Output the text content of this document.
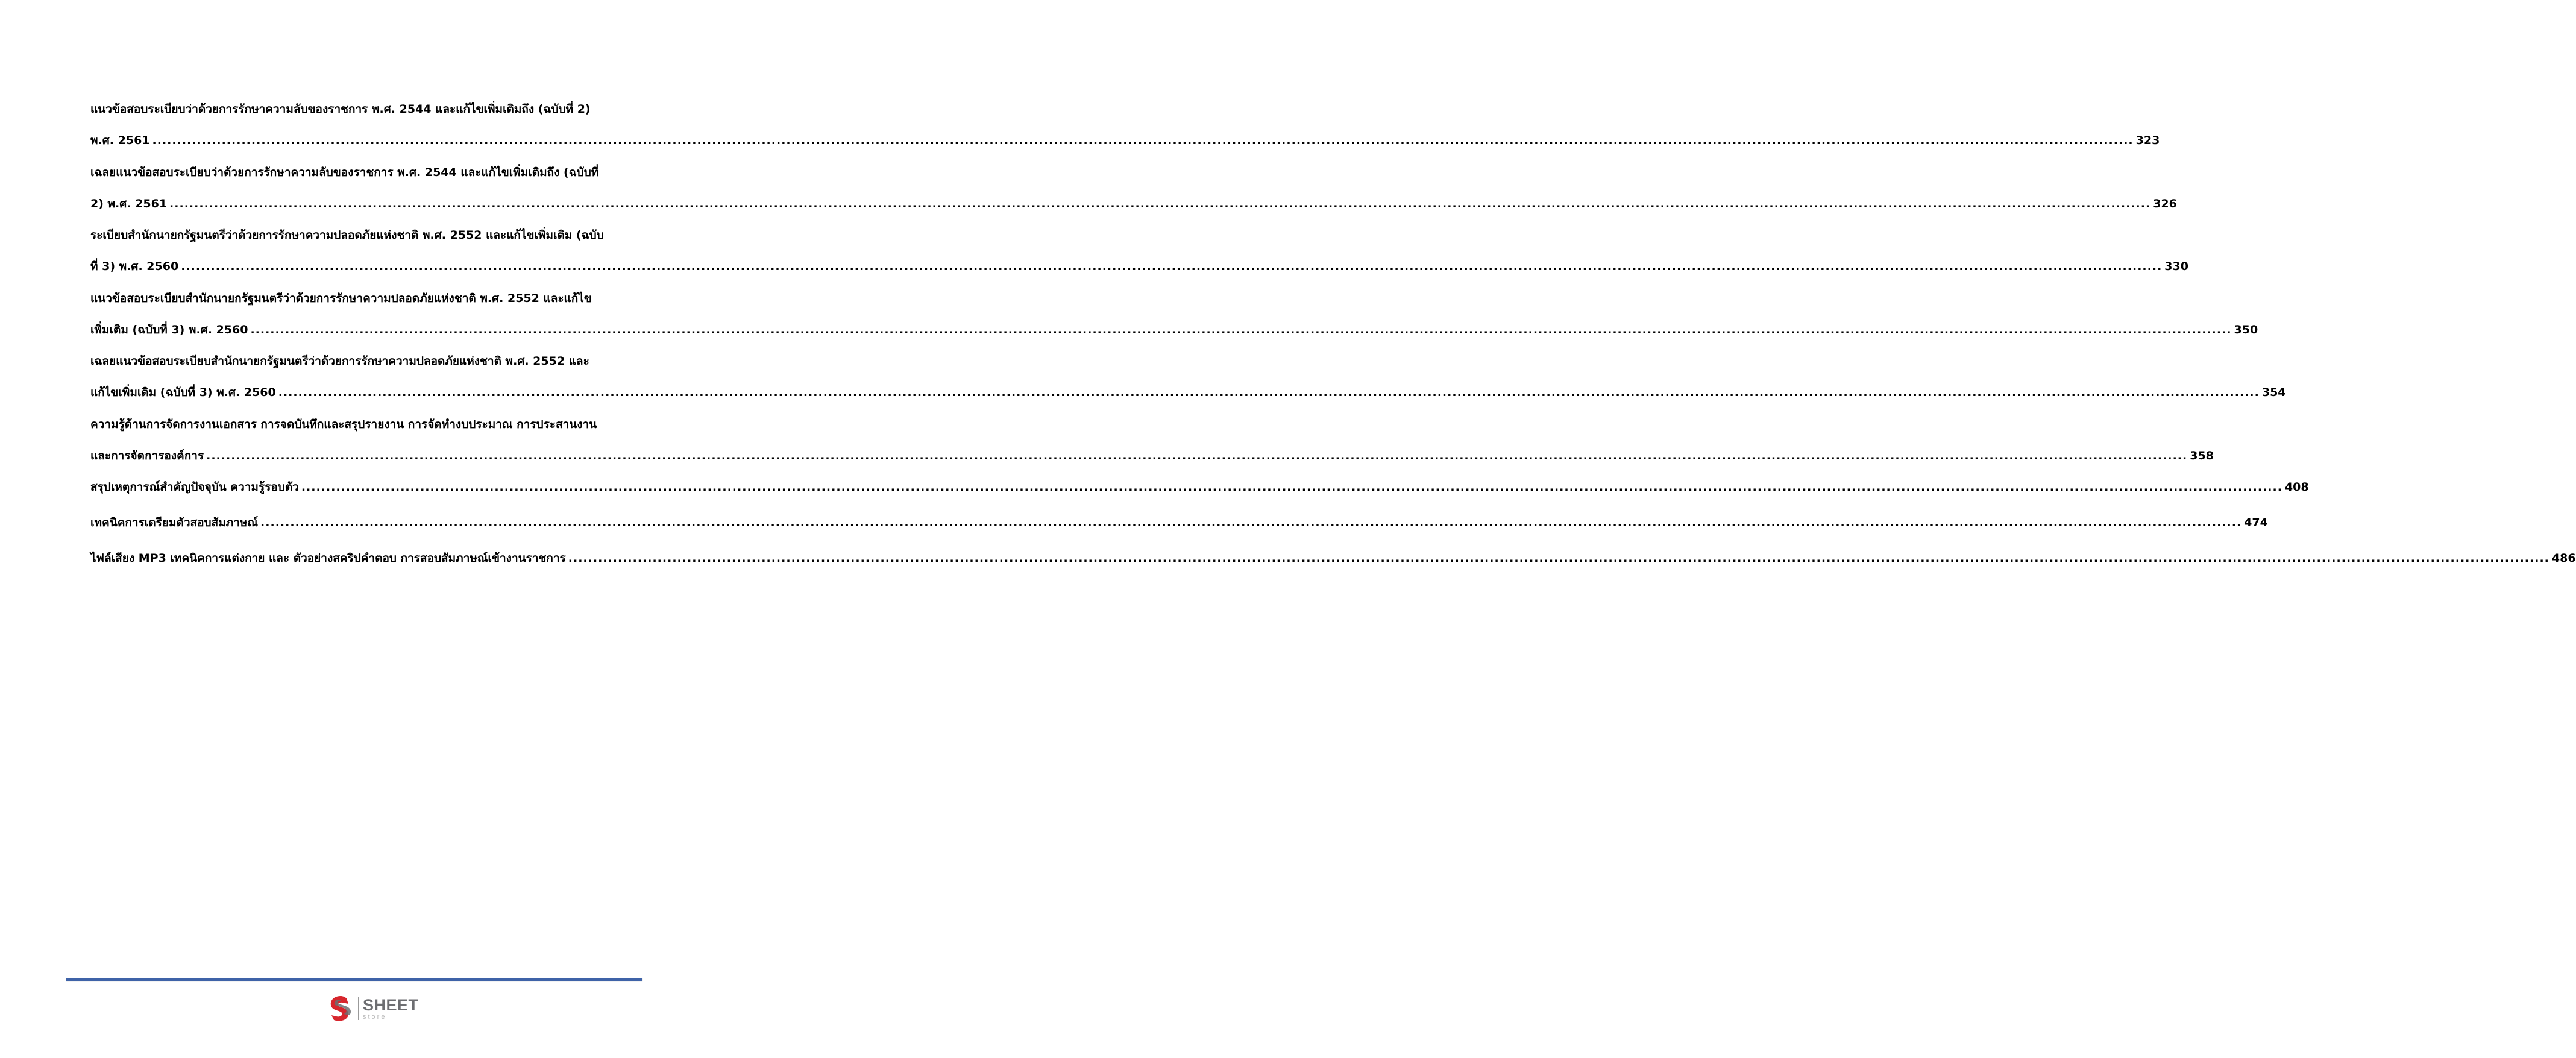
แนวข้อสอบระเบียบว่าด้วยการรักษาความลับของราชการ พ.ศ. 2544 และแก้ไขเพิ่มเติมถึง (ฉบับที่ 2)
พ.ศ. 2561 ................................................................................................................................................................................................................................................................................................................................................................................................................ 323
เฉลยแนวข้อสอบระเบียบว่าด้วยการรักษาความลับของราชการ พ.ศ. 2544 และแก้ไขเพิ่มเติมถึง (ฉบับที่
2) พ.ศ. 2561 ................................................................................................................................................................................................................................................................................................................................................................................................................ 326
ระเบียบสำนักนายกรัฐมนตรีว่าด้วยการรักษาความปลอดภัยแห่งชาติ พ.ศ. 2552 และแก้ไขเพิ่มเติม (ฉบับ
ที่ 3) พ.ศ. 2560 ................................................................................................................................................................................................................................................................................................................................................................................................................ 330
แนวข้อสอบระเบียบสำนักนายกรัฐมนตรีว่าด้วยการรักษาความปลอดภัยแห่งชาติ พ.ศ. 2552 และแก้ไข
เพิ่มเติม (ฉบับที่ 3) พ.ศ. 2560 ................................................................................................................................................................................................................................................................................................................................................................................................................ 350
เฉลยแนวข้อสอบระเบียบสำนักนายกรัฐมนตรีว่าด้วยการรักษาความปลอดภัยแห่งชาติ พ.ศ. 2552 และ
แก้ไขเพิ่มเติม (ฉบับที่ 3) พ.ศ. 2560 ................................................................................................................................................................................................................................................................................................................................................................................................................ 354
ความรู้ด้านการจัดการงานเอกสาร การจดบันทึกและสรุปรายงาน การจัดทำงบประมาณ การประสานงาน
และการจัดการองค์การ ................................................................................................................................................................................................................................................................................................................................................................................................................ 358
สรุปเหตุการณ์สำคัญปัจจุบัน ความรู้รอบตัว ................................................................................................................................................................................................................................................................................................................................................................................................................ 408
เทคนิคการเตรียมตัวสอบสัมภาษณ์ ................................................................................................................................................................................................................................................................................................................................................................................................................ 474
ไฟล์เสียง MP3 เทคนิคการแต่งกาย และ ตัวอย่างสคริปคำตอบ การสอบสัมภาษณ์เข้างานราชการ ................................................................................................................................................................................................................................................................................................................................................................................................................ 486
SHEET
store
